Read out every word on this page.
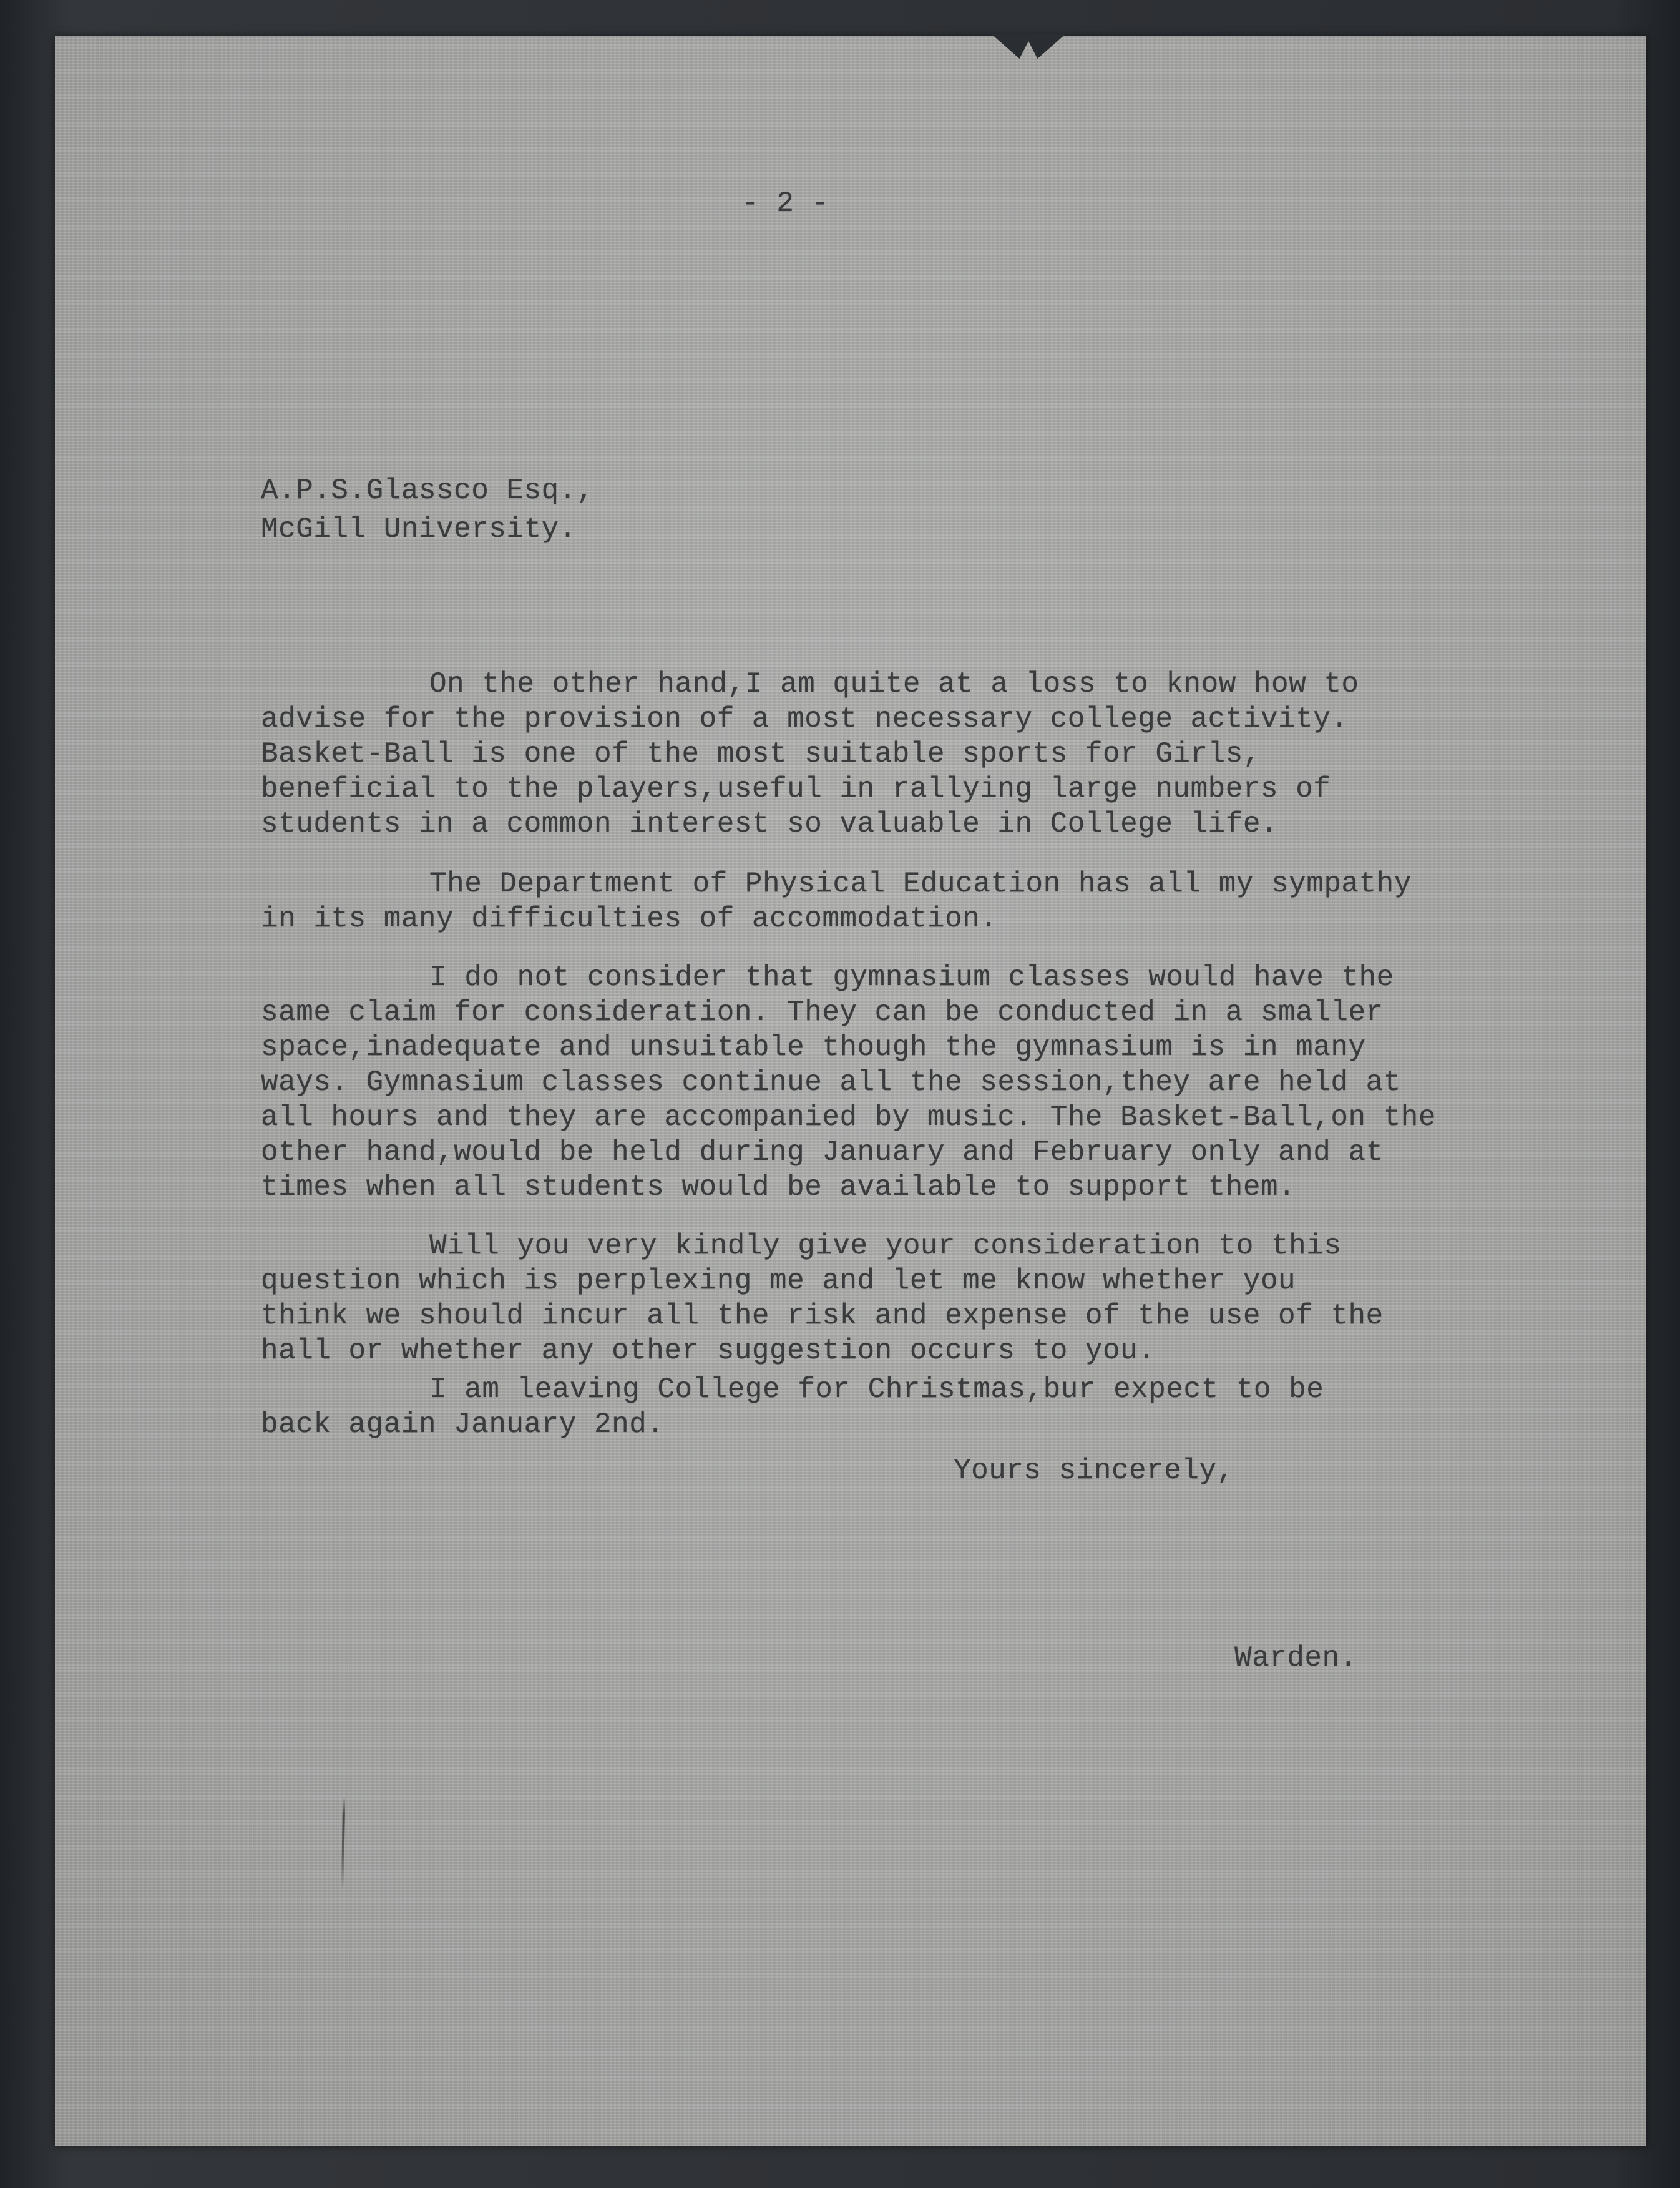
- 2 -

A.P.S.Glassco Esq.,

McGill University.

On the other hand,I am quite at a loss to know how to

advise for the provision of a most necessary college activity.

Basket-Ball is one of the most suitable sports for Girls,

beneficial to the players,useful in rallying large numbers of

students in a common interest so valuable in College life.

The Department of Physical Education has all my sympathy

in its many difficulties of accommodation.

I do not consider that gymnasium classes would have the

same claim for consideration. They can be conducted in a smaller

space,inadequate and unsuitable though the gymnasium is in many

ways. Gymnasium classes continue all the session,they are held at

all hours and they are accompanied by music. The Basket-Ball,on the

other hand,would be held during January and February only and at

times when all students would be available to support them.

Will you very kindly give your consideration to this

question which is perplexing me and let me know whether you

think we should incur all the risk and expense of the use of the

hall or whether any other suggestion occurs to you.

I am leaving College for Christmas,bur expect to be

back again January 2nd.

Yours sincerely,

Warden.
